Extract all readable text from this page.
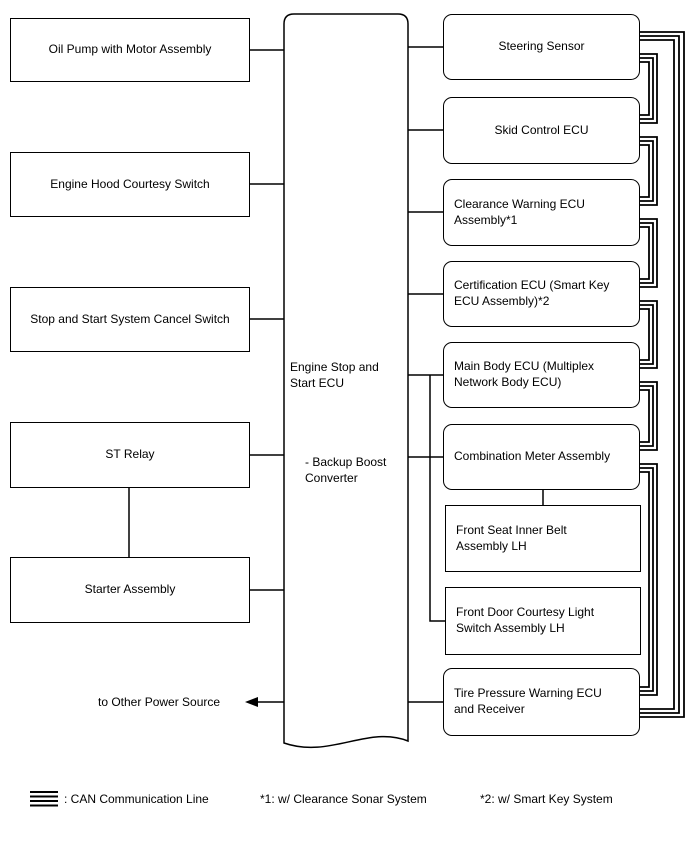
Oil Pump with Motor Assembly
Engine Hood Courtesy Switch
Stop and Start System Cancel Switch
ST Relay
Starter Assembly
Engine Stop and Start ECU
- Backup Boost Converter
Steering Sensor
Skid Control ECU
Clearance Warning ECU Assembly*1
Certification ECU (Smart Key ECU Assembly)*2
Main Body ECU (Multiplex Network Body ECU)
Combination Meter Assembly
Front Seat Inner Belt Assembly LH
Front Door Courtesy Light Switch Assembly LH
Tire Pressure Warning ECU and Receiver
to Other Power Source
: CAN Communication Line	*1: w/ Clearance Sonar System	*2: w/ Smart Key System
